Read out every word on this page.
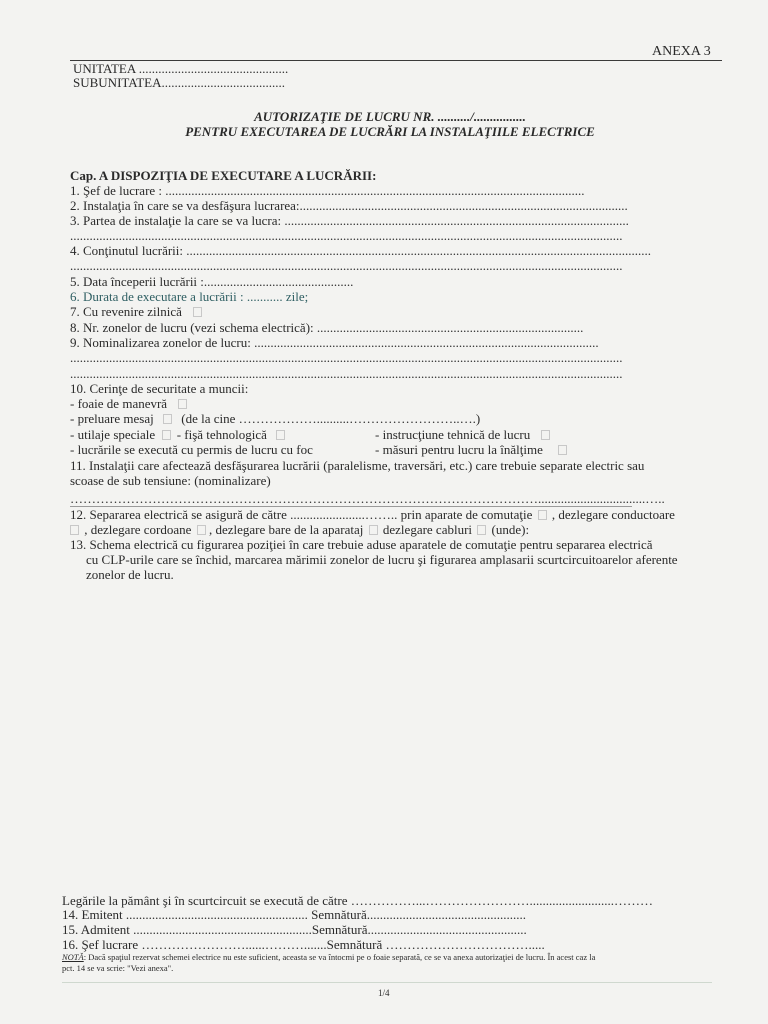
ANEXA 3
UNITATEA ..............................................
SUBUNITATEA......................................
AUTORIZAŢIE DE LUCRU NR. ........../................
PENTRU EXECUTAREA DE LUCRĂRI LA INSTALAŢIILE ELECTRICE
Cap. A DISPOZIŢIA DE EXECUTARE A LUCRĂRII:
1. Şef de lucrare : .................................................................................................................................
2. Instalaţia în care se va desfăşura lucrarea:.....................................................................................................
3. Partea de instalaţie la care se va lucra: ..........................................................................................................
..........................................................................................................................................................................
4. Conţinutul lucrării: ...............................................................................................................................................
..........................................................................................................................................................................
5. Data începerii lucrării :..............................................
6. Durata de executare a lucrării : ........... zile;
7. Cu revenire zilnică
8. Nr. zonelor de lucru (vezi schema electrică): ..................................................................................
9. Nominalizarea zonelor de lucru: ..........................................................................................................
..........................................................................................................................................................................
..........................................................................................................................................................................
10. Cerinţe de securitate a muncii:
- foaie de manevră
- preluare mesaj (de la cine ………………..........……………………..….)
- utilaje speciale - fişă tehnologică	- instrucţiune tehnică de lucru
- lucrările se execută cu permis de lucru cu foc	- măsuri pentru lucru la înălţime
11. Instalaţii care afectează desfăşurarea lucrării (paralelisme, traversări, etc.) care trebuie separate electric sau
scoase de sub tensiune: (nominalizare)
……………………………………………………………………………………………….................................…..
12. Separarea electrică se asigură de către .......................…….. prin aparate de comutaţie , dezlegare conductoare
, dezlegare cordoane , dezlegare bare de la aparataj dezlegare cabluri (unde):
13. Schema electrică cu figurarea poziţiei în care trebuie aduse aparatele de comutaţie pentru separarea electrică
cu CLP-urile care se închid, marcarea mărimii zonelor de lucru şi figurarea amplasarii scurtcircuitoarelor aferente
zonelor de lucru.
Legările la pământ şi în scurtcircuit se execută de către ……………...……………………..........................………
14. Emitent ........................................................ Semnătură.................................................
15. Admitent .......................................................Semnătură.................................................
16. Şef lucrare ……………………......……….......Semnătură …………………………….....
NOTĂ: Dacă spaţiul rezervat schemei electrice nu este suficient, aceasta se va întocmi pe o foaie separată, ce se va anexa autorizaţiei de lucru. În acest caz la
pct. 14 se va scrie: "Vezi anexa".
1/4
